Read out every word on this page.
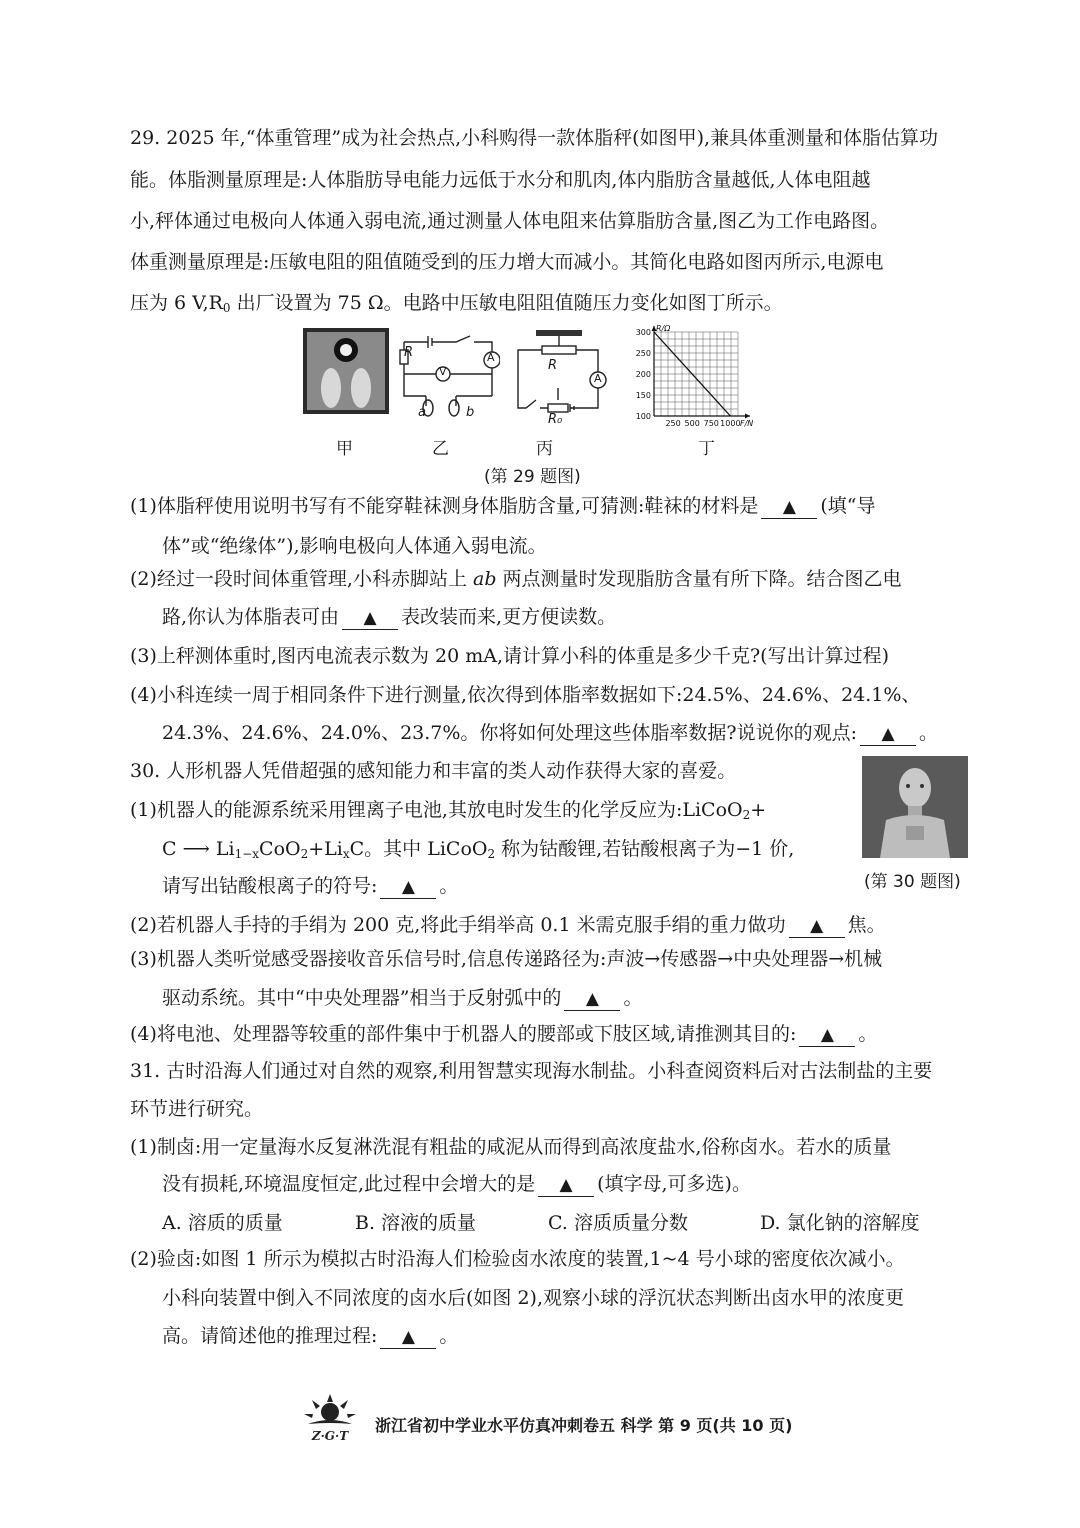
29. 2025 年,“体重管理”成为社会热点,小科购得一款体脂秤(如图甲),兼具体重测量和体脂估算功
能。体脂测量原理是:人体脂肪导电能力远低于水分和肌肉,体内脂肪含量越低,人体电阻越
小,秤体通过电极向人体通入弱电流,通过测量人体电阻来估算脂肪含量,图乙为工作电路图。
体重测量原理是:压敏电阻的阻值随受到的压力增大而减小。其简化电路如图丙所示,电源电
压为 6 $V,R_0$ 出厂设置为 75 Ω。电路中压敏电阻阻值随压力变化如图丁所示。
R	A
V
a	b
R
A
R₀	100
150
200
250
300
250 500 750 1000
R/Ω
F/N
甲	乙	丙	丁
(第 29 题图)
(1)体脂秤使用说明书写有不能穿鞋袜测身体脂肪含量,可猜测:鞋袜的材料是 ▲ (填“导
体”或“绝缘体”),影响电极向人体通入弱电流。
(2)经过一段时间体重管理,小科赤脚站上 ab 两点测量时发现脂肪含量有所下降。结合图乙电
路,你认为体脂表可由 ▲ 表改装而来,更方便读数。
(3)上秤测体重时,图丙电流表示数为 20 mA,请计算小科的体重是多少千克?(写出计算过程)
(4)小科连续一周于相同条件下进行测量,依次得到体脂率数据如下:24.5%、24.6%、24.1%、
24.3%、24.6%、24.0%、23.7%。你将如何处理这些体脂率数据?说说你的观点: ▲ 。
30. 人形机器人凭借超强的感知能力和丰富的类人动作获得大家的喜爱。
(1)机器人的能源系统采用锂离子电池,其放电时发生的化学反应为:LiCoO$_2$+
C ⟶ $Li_{1-x}CoO_2+Li_xC$。其中 LiCoO$_2$ 称为钴酸锂,若钴酸根离子为−1 价,
请写出钴酸根离子的符号: ▲ 。	(第 30 题图)
(2)若机器人手持的手绢为 200 克,将此手绢举高 0.1 米需克服手绢的重力做功 ▲ 焦。
(3)机器人类听觉感受器接收音乐信号时,信息传递路径为:声波→传感器→中央处理器→机械
驱动系统。其中“中央处理器”相当于反射弧中的 ▲ 。
(4)将电池、处理器等较重的部件集中于机器人的腰部或下肢区域,请推测其目的: ▲ 。
31. 古时沿海人们通过对自然的观察,利用智慧实现海水制盐。小科查阅资料后对古法制盐的主要
环节进行研究。
(1)制卤:用一定量海水反复淋洗混有粗盐的咸泥从而得到高浓度盐水,俗称卤水。若水的质量
没有损耗,环境温度恒定,此过程中会增大的是 ▲ (填字母,可多选)。
A. 溶质的质量	B. 溶液的质量	C. 溶质质量分数	D. 氯化钠的溶解度
(2)验卤:如图 1 所示为模拟古时沿海人们检验卤水浓度的装置,1~4 号小球的密度依次减小。
小科向装置中倒入不同浓度的卤水后(如图 2),观察小球的浮沉状态判断出卤水甲的浓度更
高。请简述他的推理过程: ▲ 。
Z·G·T
浙江省初中学业水平仿真冲刺卷五 科学 第 9 页(共 10 页)
